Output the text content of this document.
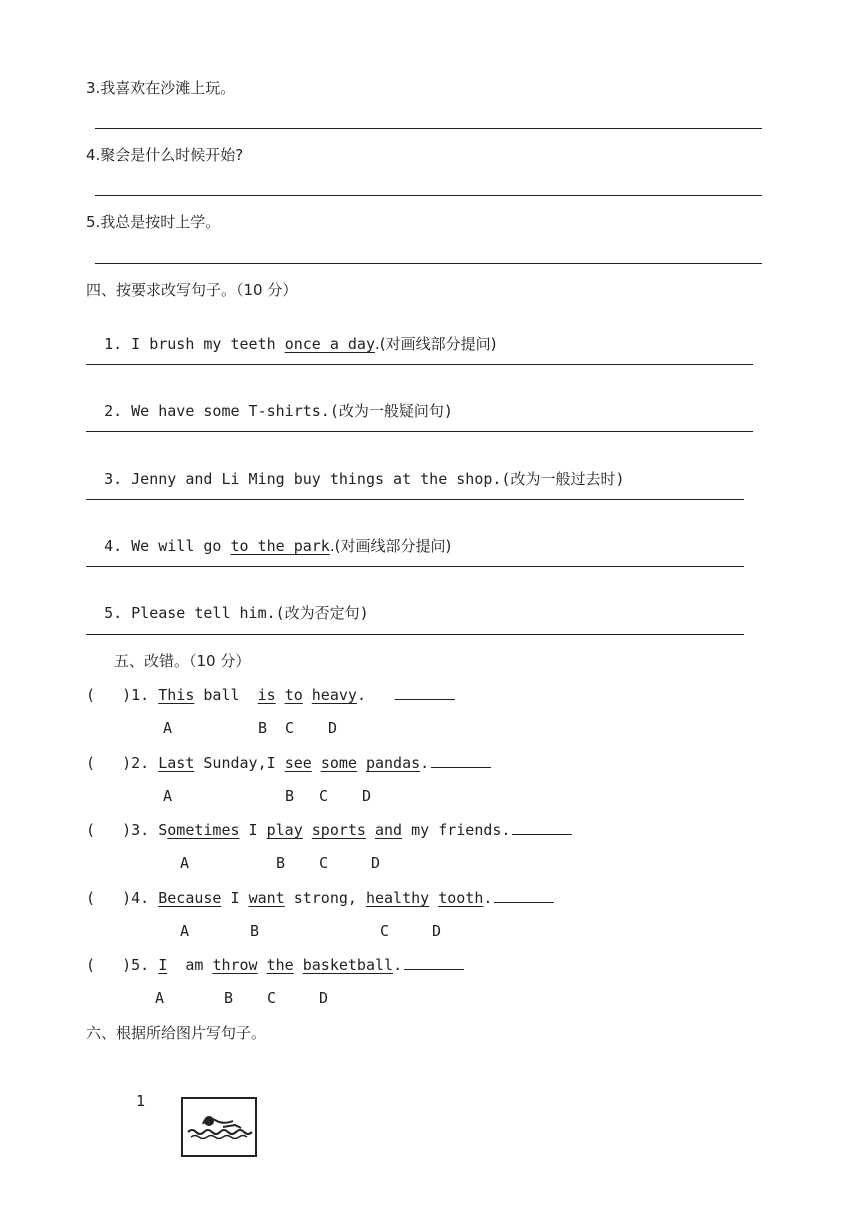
3.我喜欢在沙滩上玩。
4.聚会是什么时候开始?
5.我总是按时上学。
四、按要求改写句子。（10 分）

1. I brush my teeth once a day.(对画线部分提问)

2. We have some T-shirts.(改为一般疑问句)

3. Jenny and Li Ming buy things at the shop.(改为一般过去时)

4. We will go to the park.(对画线部分提问)

5. Please tell him.(改为否定句)

五、改错。（10 分）
( )1. This ball  is to heavy.
A	B C D
( )2. Last Sunday,I see some pandas.
A	B C D
( )3. Sometimes I play sports and my friends.
A	B C	D
( )4. Because I want strong, healthy tooth.
A	B	C	D
( )5. I  am throw the basketball.
A	B C	D
六、根据所给图片写句子。
1
